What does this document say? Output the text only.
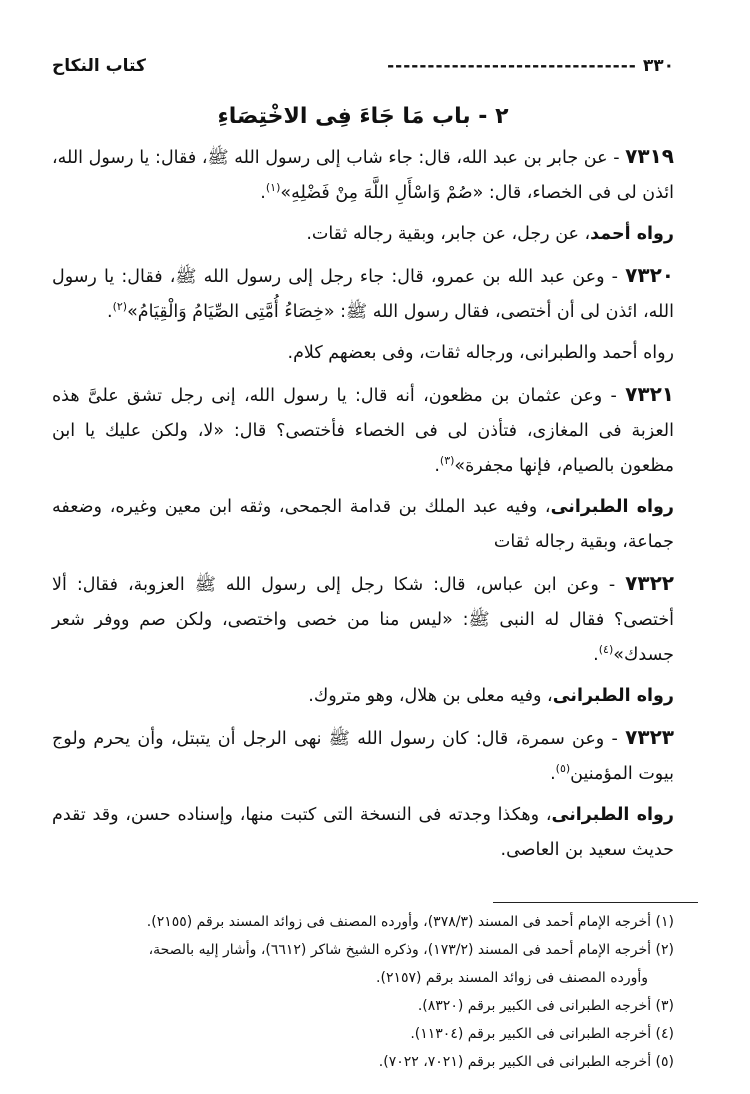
٣٣٠
-------------------------------
كتاب النكاح
٢ - باب مَا جَاءَ فِى الاخْتِصَاءِ

٧٣١٩ - عن جابر بن عبد الله، قال: جاء شاب إلى رسول الله ﷺ، فقال: يا رسول الله، ائذن لى فى الخصاء، قال: «صُمْ وَاسْأَلِ اللَّهَ مِنْ فَضْلِهِ»$^{(١)}$.

رواه أحمد، عن رجل، عن جابر، وبقية رجاله ثقات.

٧٣٢٠ - وعن عبد الله بن عمرو، قال: جاء رجل إلى رسول الله ﷺ، فقال: يا رسول الله، ائذن لى أن أختصى، فقال رسول الله ﷺ: «خِصَاءُ أُمَّتِى الصِّيَامُ وَالْقِيَامُ»$^{(٢)}$.

رواه أحمد والطبرانى، ورجاله ثقات، وفى بعضهم كلام.

٧٣٢١ - وعن عثمان بن مظعون، أنه قال: يا رسول الله، إنى رجل تشق علىَّ هذه العزبة فى المغازى، فتأذن لى فى الخصاء فأختصى؟ قال: «لا، ولكن عليك يا ابن مظعون بالصيام، فإنها مجفرة»$^{(٣)}$.

رواه الطبرانى، وفيه عبد الملك بن قدامة الجمحى، وثقه ابن معين وغيره، وضعفه جماعة، وبقية رجاله ثقات

٧٣٢٢ - وعن ابن عباس، قال: شكا رجل إلى رسول الله ﷺ العزوبة، فقال: ألا أختصى؟ فقال له النبى ﷺ: «ليس منا من خصى واختصى، ولكن صم ووفر شعر جسدك»$^{(٤)}$.

رواه الطبرانى، وفيه معلى بن هلال، وهو متروك.

٧٣٢٣ - وعن سمرة، قال: كان رسول الله ﷺ نهى الرجل أن يتبتل، وأن يحرم ولوج بيوت المؤمنين$^{(٥)}$.

رواه الطبرانى، وهكذا وجدته فى النسخة التى كتبت منها، وإسناده حسن، وقد تقدم حديث سعيد بن العاصى.

(١) أخرجه الإمام أحمد فى المسند (٣٧٨/٣)، وأورده المصنف فى زوائد المسند برقم (٢١٥٥).
(٢) أخرجه الإمام أحمد فى المسند (١٧٣/٢)، وذكره الشيخ شاكر (٦٦١٢)، وأشار إليه بالصحة،
وأورده المصنف فى زوائد المسند برقم (٢١٥٧).
(٣) أخرجه الطبرانى فى الكبير برقم (٨٣٢٠).
(٤) أخرجه الطبرانى فى الكبير برقم (١١٣٠٤).
(٥) أخرجه الطبرانى فى الكبير برقم (٧٠٢١، ٧٠٢٢).
